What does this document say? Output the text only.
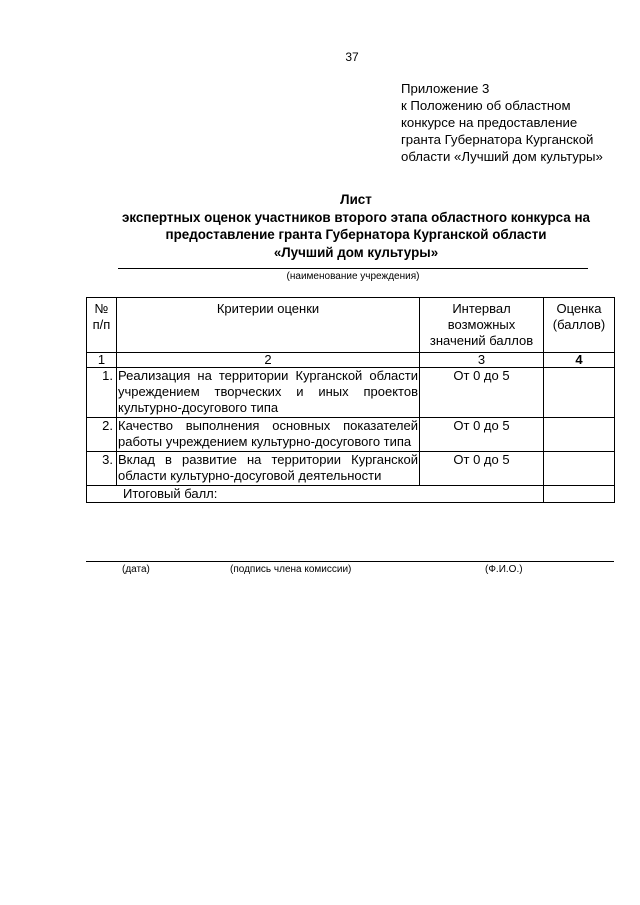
37
Приложение 3
к Положению об областном
конкурсе на предоставление
гранта Губернатора Курганской
области «Лучший дом культуры»
Лист
экспертных оценок участников второго этапа областного конкурса на
предоставление гранта Губернатора Курганской области
«Лучший дом культуры»
(наименование учреждения)
№ п/п	Критерии оценки	Интервал возможных значений баллов	Оценка (баллов)
1	2	3	4
1.	Реализация на территории Курганской области учреждением творческих и иных проектов культурно-досугового типа	От 0 до 5	
2.	Качество выполнения основных показателей работы учреждением культурно-досугового типа	От 0 до 5	
3.	Вклад в развитие на территории Курганской области культурно-досуговой деятельности	От 0 до 5	
Итоговый балл:			
(дата)	(подпись члена комиссии)	(Ф.И.О.)
